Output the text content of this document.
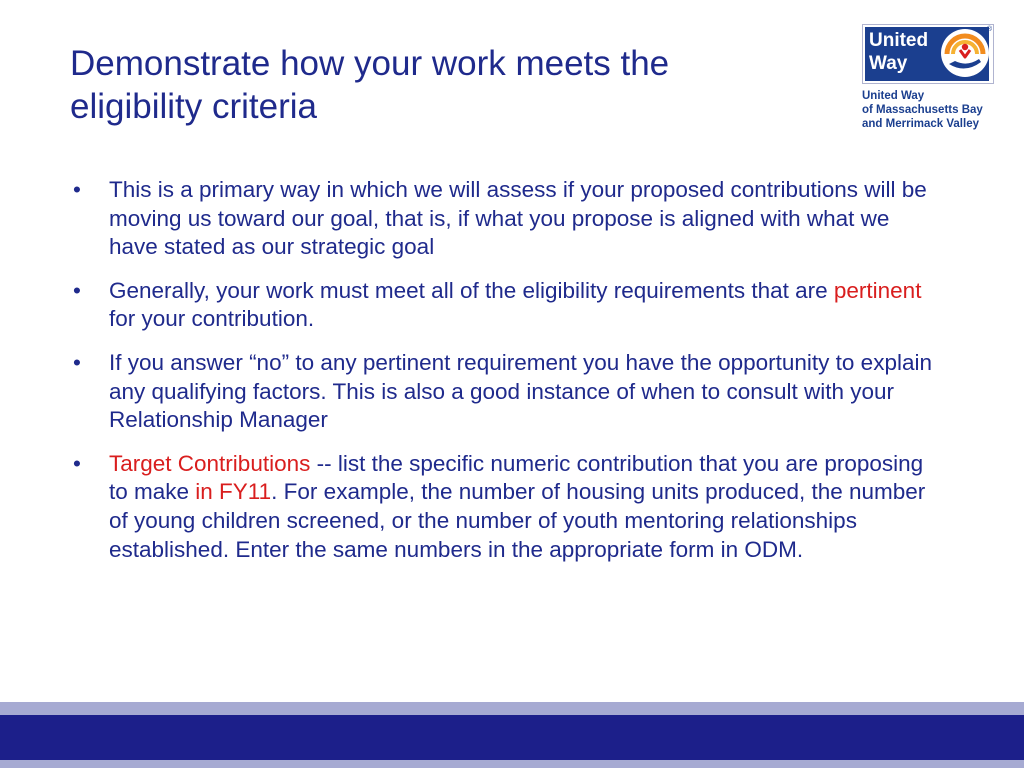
Demonstrate how your work meets the eligibility criteria
United
Way
®
United Way
of Massachusetts Bay
and Merrimack Valley
•	This is a primary way in which we will assess if your proposed contributions will be moving us toward our goal, that is, if what you propose is aligned with what we have stated as our strategic goal
•	Generally, your work must meet all of the eligibility requirements that are pertinent for your contribution.
•	If you answer “no” to any pertinent requirement you have the opportunity to explain any qualifying factors. This is also a good instance of when to consult with your Relationship Manager
•	Target Contributions -- list the specific numeric contribution that you are proposing to make in FY11. For example, the number of housing units produced, the number of young children screened, or the number of youth mentoring relationships established. Enter the same numbers in the appropriate form in ODM.
